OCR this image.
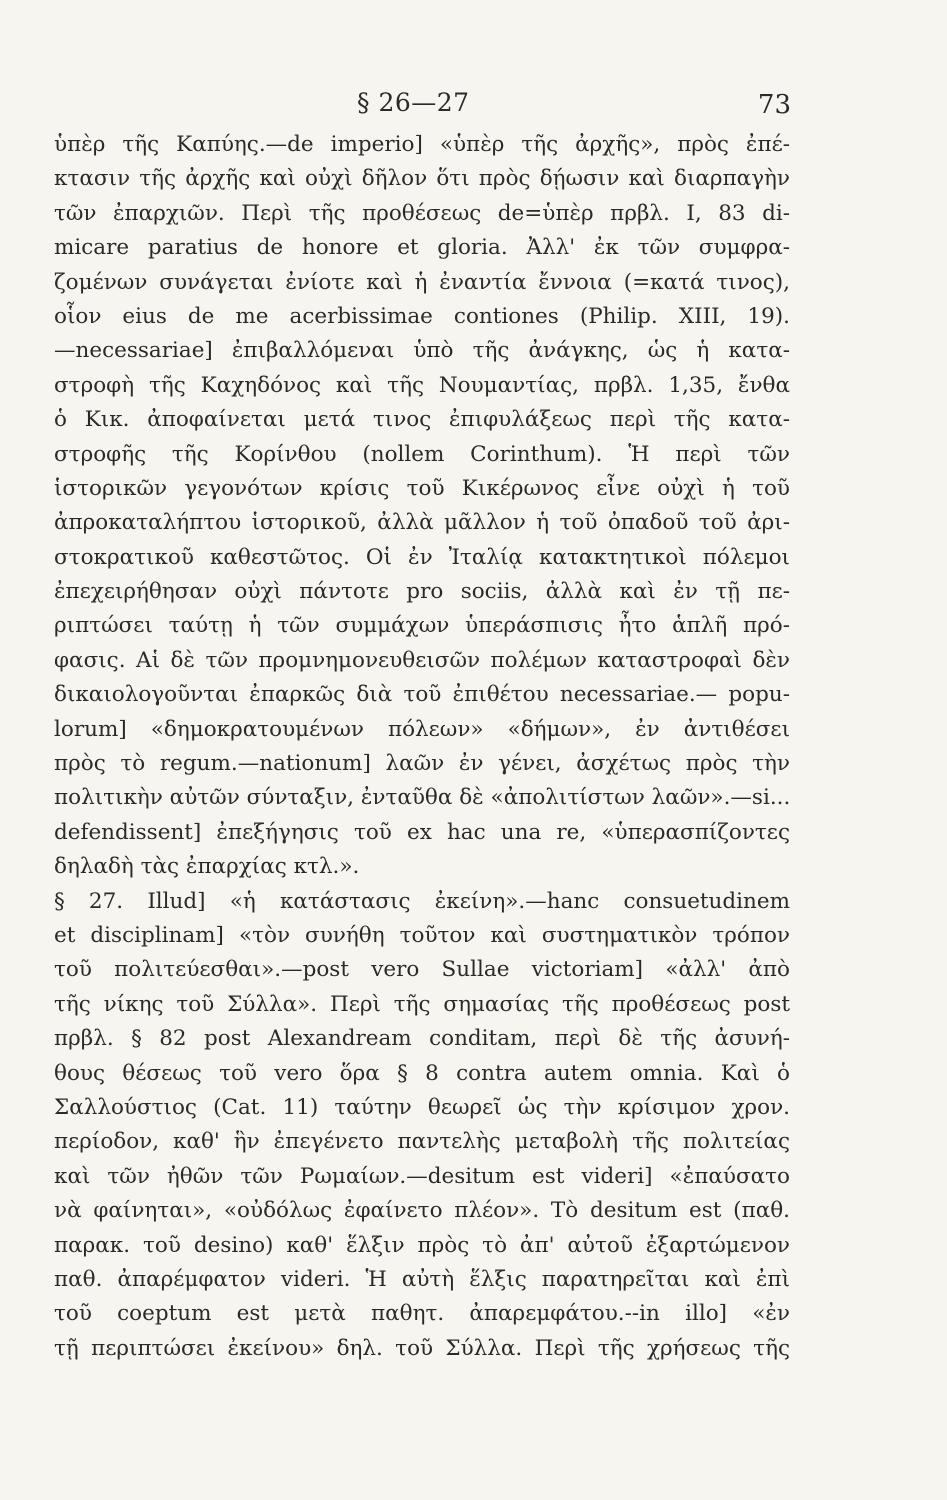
§ 26—27	73
ὑπὲρ τῆς Καπύης.—de imperio] «ὑπὲρ τῆς ἀρχῆς», πρὸς ἐπέ-
κτασιν τῆς ἀρχῆς καὶ οὐχὶ δῆλον ὅτι πρὸς δῄωσιν καὶ διαρπαγὴν
τῶν ἐπαρχιῶν. Περὶ τῆς προθέσεως de=ὑπὲρ πρβλ. I, 83 di-
micare paratius de honore et gloria. Ἀλλ' ἐκ τῶν συμφρα-
ζομένων συνάγεται ἐνίοτε καὶ ἡ ἐναντία ἔννοια (=κατά τινος),
οἷον eius de me acerbissimae contiones (Philip. XIII, 19).
—necessariae] ἐπιβαλλόμεναι ὑπὸ τῆς ἀνάγκης, ὡς ἡ κατα-
στροφὴ τῆς Καχηδόνος καὶ τῆς Νουμαντίας, πρβλ. 1,35, ἔνθα
ὁ Κικ. ἀποφαίνεται μετά τινος ἐπιφυλάξεως περὶ τῆς κατα-
στροφῆς τῆς Κορίνθου (nollem Corinthum). Ἡ περὶ τῶν
ἱστορικῶν γεγονότων κρίσις τοῦ Κικέρωνος εἶνε οὐχὶ ἡ τοῦ
ἀπροκαταλήπτου ἱστορικοῦ, ἀλλὰ μᾶλλον ἡ τοῦ ὀπαδοῦ τοῦ ἀρι-
στοκρατικοῦ καθεστῶτος. Οἱ ἐν Ἰταλίᾳ κατακτητικοὶ πόλεμοι
ἐπεχειρήθησαν οὐχὶ πάντοτε pro sociis, ἀλλὰ καὶ ἐν τῇ πε-
ριπτώσει ταύτῃ ἡ τῶν συμμάχων ὑπεράσπισις ἦτο ἁπλῆ πρό-
φασις. Αἱ δὲ τῶν προμνημονευθεισῶν πολέμων καταστροφαὶ δὲν
δικαιολογοῦνται ἐπαρκῶς διὰ τοῦ ἐπιθέτου necessariae.— popu-
lorum] «δημοκρατουμένων πόλεων» «δήμων», ἐν ἀντιθέσει
πρὸς τὸ regum.—nationum] λαῶν ἐν γένει, ἀσχέτως πρὸς τὴν
πολιτικὴν αὐτῶν σύνταξιν, ἐνταῦθα δὲ «ἀπολιτίστων λαῶν».—si...
defendissent] ἐπεξήγησις τοῦ ex hac una re, «ὑπερασπίζοντες
δηλαδὴ τὰς ἐπαρχίας κτλ.».
§ 27. Illud] «ἡ κατάστασις ἐκείνη».—hanc consuetudinem
et disciplinam] «τὸν συνήθη τοῦτον καὶ συστηματικὸν τρόπον
τοῦ πολιτεύεσθαι».—post vero Sullae victoriam] «ἀλλ' ἀπὸ
τῆς νίκης τοῦ Σύλλα». Περὶ τῆς σημασίας τῆς προθέσεως post
πρβλ. § 82 post Alexandream conditam, περὶ δὲ τῆς ἀσυνή-
θους θέσεως τοῦ vero ὅρα § 8 contra autem omnia. Καὶ ὁ
Σαλλούστιος (Cat. 11) ταύτην θεωρεῖ ὡς τὴν κρίσιμον χρον.
περίοδον, καθ' ἣν ἐπεγένετο παντελὴς μεταβολὴ τῆς πολιτείας
καὶ τῶν ἠθῶν τῶν Ρωμαίων.—desitum est videri] «ἐπαύσατο
νὰ φαίνηται», «οὐδόλως ἐφαίνετο πλέον». Τὸ desitum est (παθ.
παρακ. τοῦ desino) καθ' ἕλξιν πρὸς τὸ ἀπ' αὐτοῦ ἐξαρτώμενον
παθ. ἀπαρέμφατον videri. Ἡ αὐτὴ ἕλξις παρατηρεῖται καὶ ἐπὶ
τοῦ coeptum est μετὰ παθητ. ἀπαρεμφάτου.--in illo] «ἐν
τῇ περιπτώσει ἐκείνου» δηλ. τοῦ Σύλλα. Περὶ τῆς χρήσεως τῆς
